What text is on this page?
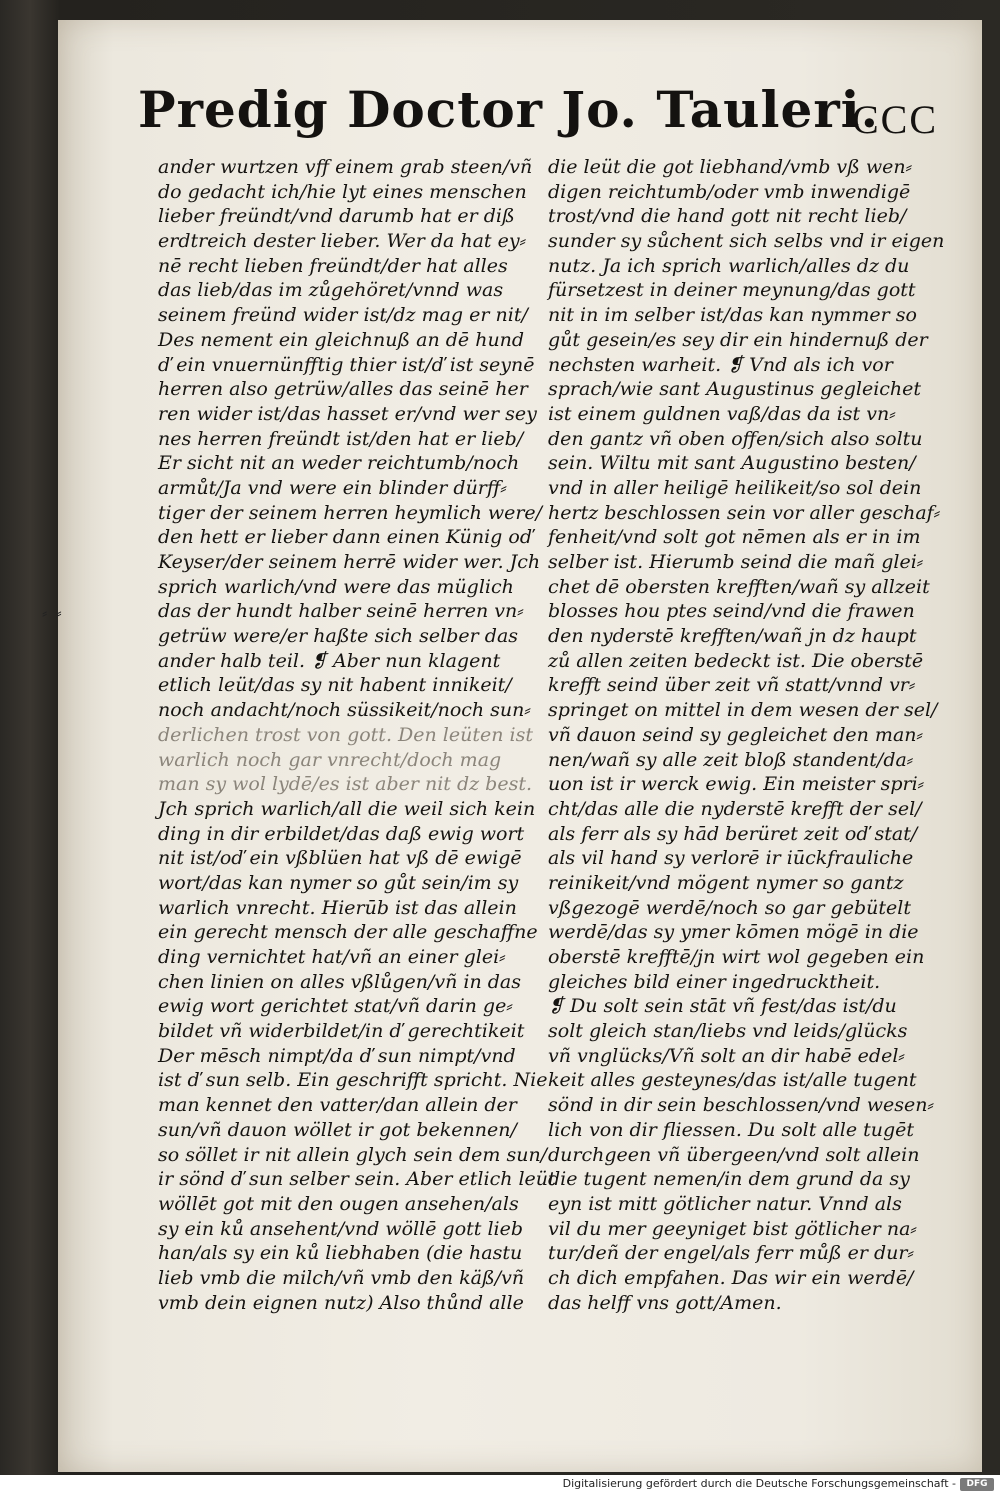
Predig Doctor Jo. Tauleri.
CCC
ander wurtzen vff einem grab steen/vñ
do gedacht ich/hie lyt eines menschen
lieber freündt/vnd darumb hat er diß
erdtreich dester lieber. Wer da hat ey⸗
nē recht lieben freündt/der hat alles
das lieb/das im zůgehöret/vnnd was
seinem freünd wider ist/dz mag er nit/
Des nement ein gleichnuß an dē hund
ď ein vnuernünfftig thier ist/ď ist seynē
herren also getrüw/alles das seinē her
ren wider ist/das hasset er/vnd wer sey
nes herren freündt ist/den hat er lieb/
Er sicht nit an weder reichtumb/noch
armůt/Ja vnd were ein blinder dürff⸗
tiger der seinem herren heymlich were/
den hett er lieber dann einen Künig oď
Keyser/der seinem herrē wider wer. Jch
sprich warlich/vnd were das müglich
das der hundt halber seinē herren vn⸗
getrüw were/er haßte sich selber das
ander halb teil. ❡ Aber nun klagent
etlich leüt/das sy nit habent innikeit/
noch andacht/noch süssikeit/noch sun⸗
derlichen trost von gott. Den leüten ist
warlich noch gar vnrecht/doch mag
man sy wol lydē/es ist aber nit dz best.
Jch sprich warlich/all die weil sich kein
ding in dir erbildet/das daß ewig wort
nit ist/oď ein vßblüen hat vß dē ewigē
wort/das kan nymer so gůt sein/im sy
warlich vnrecht. Hierūb ist das allein
ein gerecht mensch der alle geschaffne
ding vernichtet hat/vñ an einer glei⸗
chen linien on alles vßlůgen/vñ in das
ewig wort gerichtet stat/vñ darin ge⸗
bildet vñ widerbildet/in ď gerechtikeit
Der mēsch nimpt/da ď sun nimpt/vnd
ist ď sun selb. Ein geschrifft spricht. Nie
man kennet den vatter/dan allein der
sun/vñ dauon wöllet ir got bekennen/
so söllet ir nit allein glych sein dem sun/
ir sönd ď sun selber sein. Aber etlich leüt
wöllēt got mit den ougen ansehen/als
sy ein ků ansehent/vnd wöllē gott lieb
han/als sy ein ků liebhaben (die hastu
lieb vmb die milch/vñ vmb den käß/vñ
vmb dein eignen nutz) Also thůnd alle
die leüt die got liebhand/vmb vß wen⸗
digen reichtumb/oder vmb inwendigē
trost/vnd die hand gott nit recht lieb/
sunder sy sůchent sich selbs vnd ir eigen
nutz. Ja ich sprich warlich/alles dz du
fürsetzest in deiner meynung/das gott
nit in im selber ist/das kan nymmer so
gůt gesein/es sey dir ein hindernuß der
nechsten warheit. ❡ Vnd als ich vor
sprach/wie sant Augustinus gegleichet
ist einem guldnen vaß/das da ist vn⸗
den gantz vñ oben offen/sich also soltu
sein. Wiltu mit sant Augustino besten/
vnd in aller heiligē heilikeit/so sol dein
hertz beschlossen sein vor aller geschaf⸗
fenheit/vnd solt got nēmen als er in im
selber ist. Hierumb seind die mañ glei⸗
chet dē obersten krefften/wañ sy allzeit
blosses hou ptes seind/vnd die frawen
den nyderstē krefften/wañ jn dz haupt
zů allen zeiten bedeckt ist. Die oberstē
krefft seind über zeit vñ statt/vnnd vr⸗
springet on mittel in dem wesen der sel/
vñ dauon seind sy gegleichet den man⸗
nen/wañ sy alle zeit bloß standent/da⸗
uon ist ir werck ewig. Ein meister spri⸗
cht/das alle die nyderstē krefft der sel/
als ferr als sy hād berüret zeit oď stat/
als vil hand sy verlorē ir iūckfrauliche
reinikeit/vnd mögent nymer so gantz
vßgezogē werdē/noch so gar gebütelt
werdē/das sy ymer kōmen mögē in die
oberstē krefftē/jn wirt wol gegeben ein
gleiches bild einer ingedrucktheit.
❡ Du solt sein stāt vñ fest/das ist/du
solt gleich stan/liebs vnd leids/glücks
vñ vnglücks/Vñ solt an dir habē edel⸗
keit alles gesteynes/das ist/alle tugent
sönd in dir sein beschlossen/vnd wesen⸗
lich von dir fliessen. Du solt alle tugēt
durchgeen vñ übergeen/vnd solt allein
die tugent nemen/in dem grund da sy
eyn ist mitt götlicher natur. Vnnd als
vil du mer geeyniget bist götlicher na⸗
tur/deñ der engel/als ferr můß er dur⸗
ch dich empfahen. Das wir ein werdē/
das helff vns gott/Amen.
⸗ ⸗
Digitalisierung gefördert durch die Deutsche Forschungsgemeinschaft -	DFG
